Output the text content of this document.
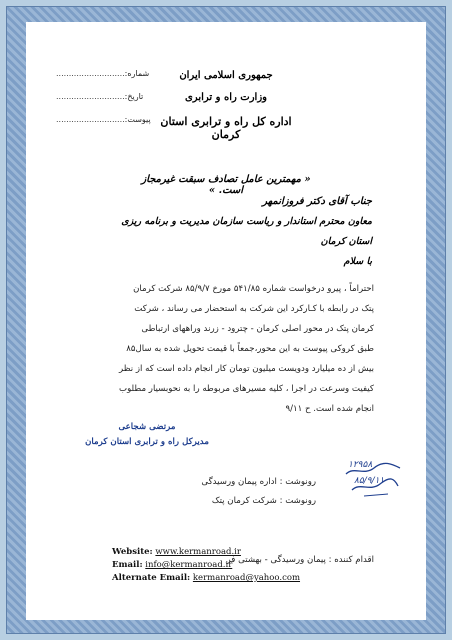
جمهوری اسلامی ایران
وزارت راه و ترابری
اداره کل راه و ترابری استان کرمان
شماره:...........................
تاریخ:...........................
پیوست:...........................
« مهمترین عامل تصادف سبقت غیرمجاز است. »
جناب آقای دکتر فروزانمهر
معاون محترم استاندار و ریاست سازمان مدیریت و برنامه ریزی
استان کرمان
با سلام
احتراماً ، پیرو درخواست شماره ۵۴۱/۸۵ مورخ ۸۵/۹/۷ شرکت کرمان
پتک در رابطه با کـارکرد این شرکت به استحضار می رساند ، شرکت
کرمان پتک در محور اصلی کرمان - چترود - زرند وراههای ارتباطی
طبق کروکی پیوست به این محور،جمعاً با قیمت تحویل شده به سال۸۵
بیش از ده میلیارد ودویست میلیون تومان کار انجام داده است که از نظر
کیفیت وسرعت در اجرا ، کلیه مسیرهای مربوطه را به نحوبسیار مطلوب
انجام شده است. ح ۹/۱۱
مرتضی شجاعی
مدیرکل راه و ترابری استان کرمان
۱۲۹۵۸
۸۵/۹/۱۱
رونوشت : اداره پیمان ورسیدگی
رونوشت : شرکت کرمان پتک
اقدام کننده : پیمان ورسیدگی - بهشتی فر
Website: www.kermanroad.ir
Email: info@kermanroad.ir
Alternate Email: kermanroad@yahoo.com
